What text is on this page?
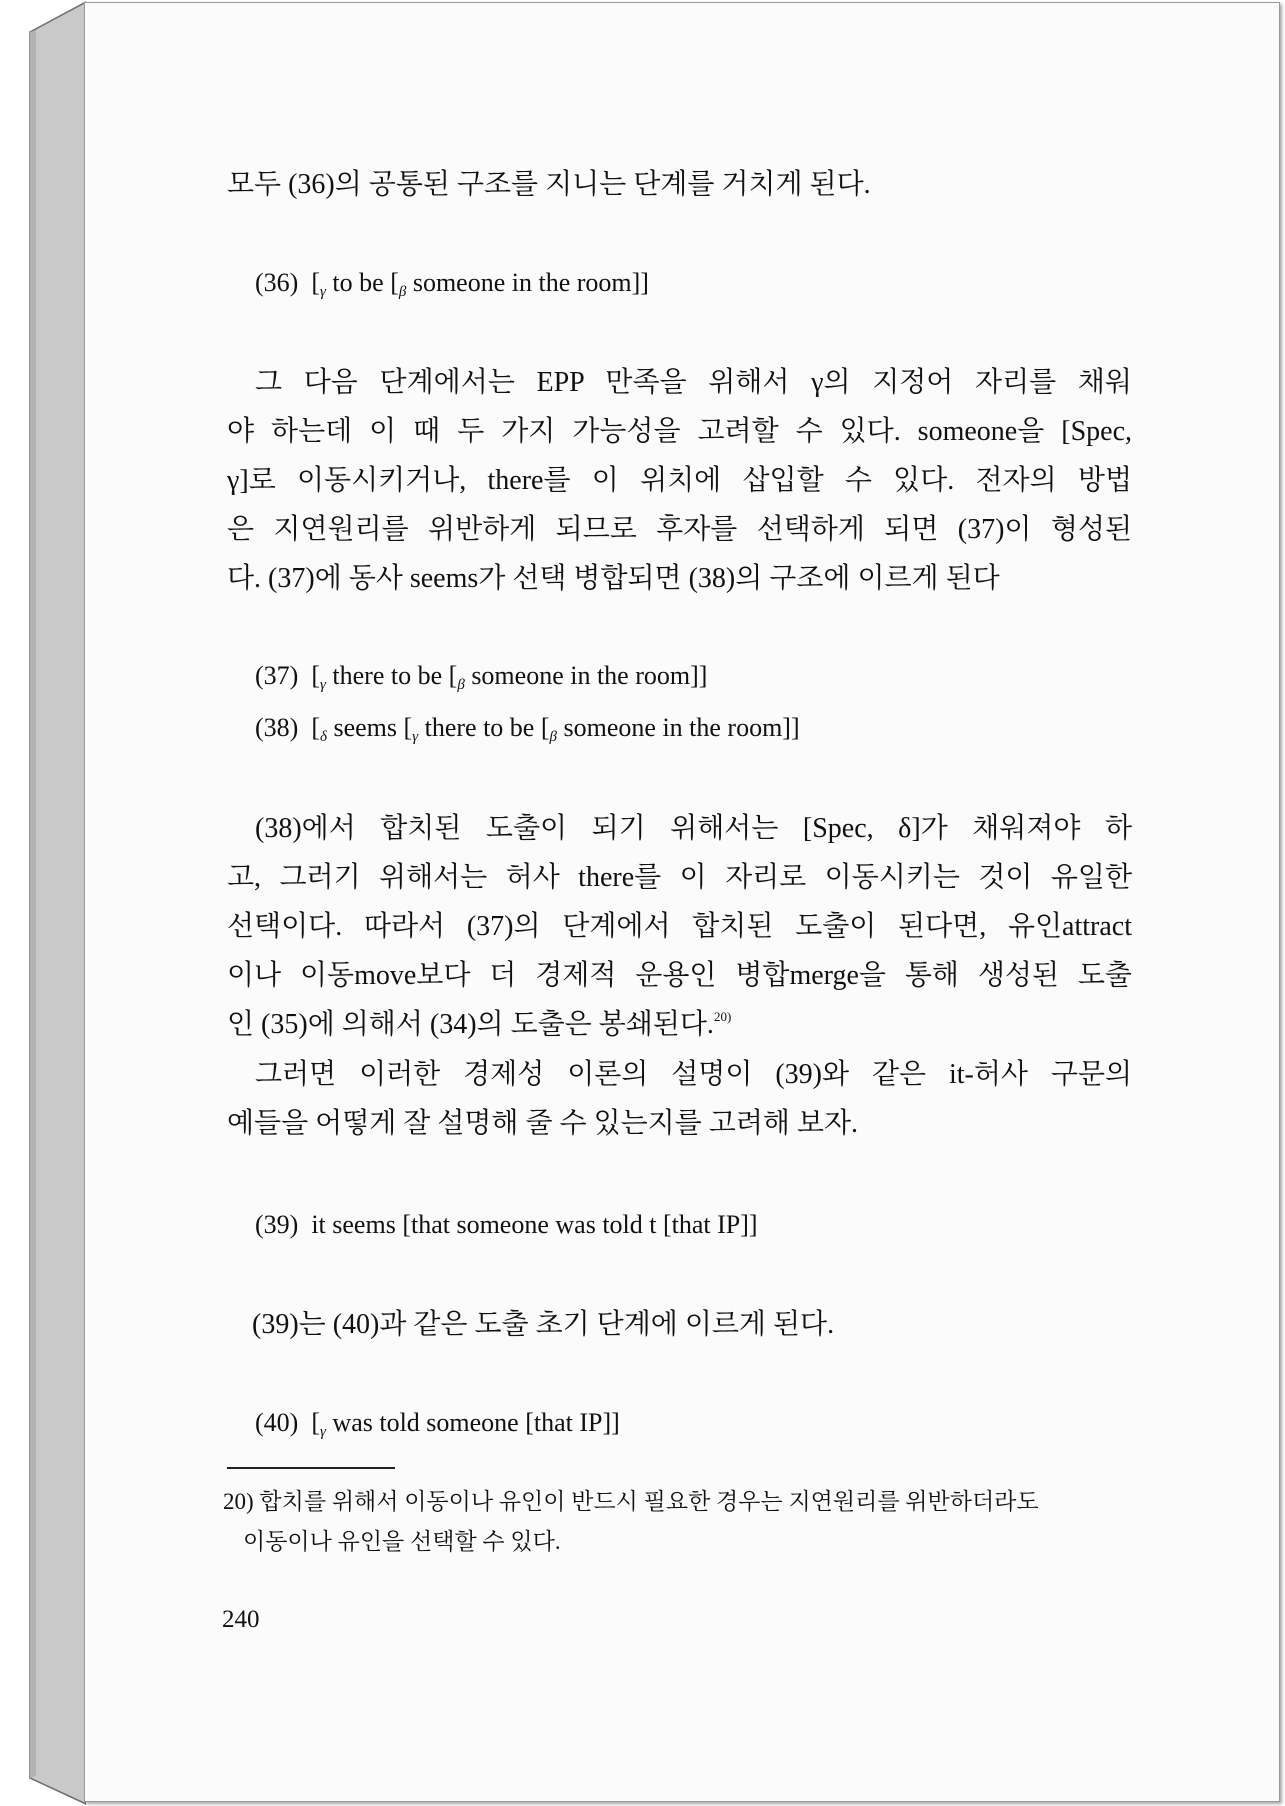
모두 (36)의 공통된 구조를 지니는 단계를 거치게 된다.

(36) [γ to be [β someone in the room]]

그 다음 단계에서는 EPP 만족을 위해서 γ의 지정어 자리를 채워
야 하는데 이 때 두 가지 가능성을 고려할 수 있다. someone을 [Spec,
γ]로 이동시키거나, there를 이 위치에 삽입할 수 있다. 전자의 방법
은 지연원리를 위반하게 되므로 후자를 선택하게 되면 (37)이 형성된
다. (37)에 동사 seems가 선택 병합되면 (38)의 구조에 이르게 된다

(37) [γ there to be [β someone in the room]]

(38) [δ seems [γ there to be [β someone in the room]]

(38)에서 합치된 도출이 되기 위해서는 [Spec, δ]가 채워져야 하
고, 그러기 위해서는 허사 there를 이 자리로 이동시키는 것이 유일한
선택이다. 따라서 (37)의 단계에서 합치된 도출이 된다면, 유인attract
이나 이동move보다 더 경제적 운용인 병합merge을 통해 생성된 도출
인 (35)에 의해서 (34)의 도출은 봉쇄된다.$^{20)}$

그러면 이러한 경제성 이론의 설명이 (39)와 같은 it-허사 구문의
예들을 어떻게 잘 설명해 줄 수 있는지를 고려해 보자.

(39) it seems [that someone was told t [that IP]]

(39)는 (40)과 같은 도출 초기 단계에 이르게 된다.

(40) [γ was told someone [that IP]]

20) 합치를 위해서 이동이나 유인이 반드시 필요한 경우는 지연원리를 위반하더라도
이동이나 유인을 선택할 수 있다.

240
